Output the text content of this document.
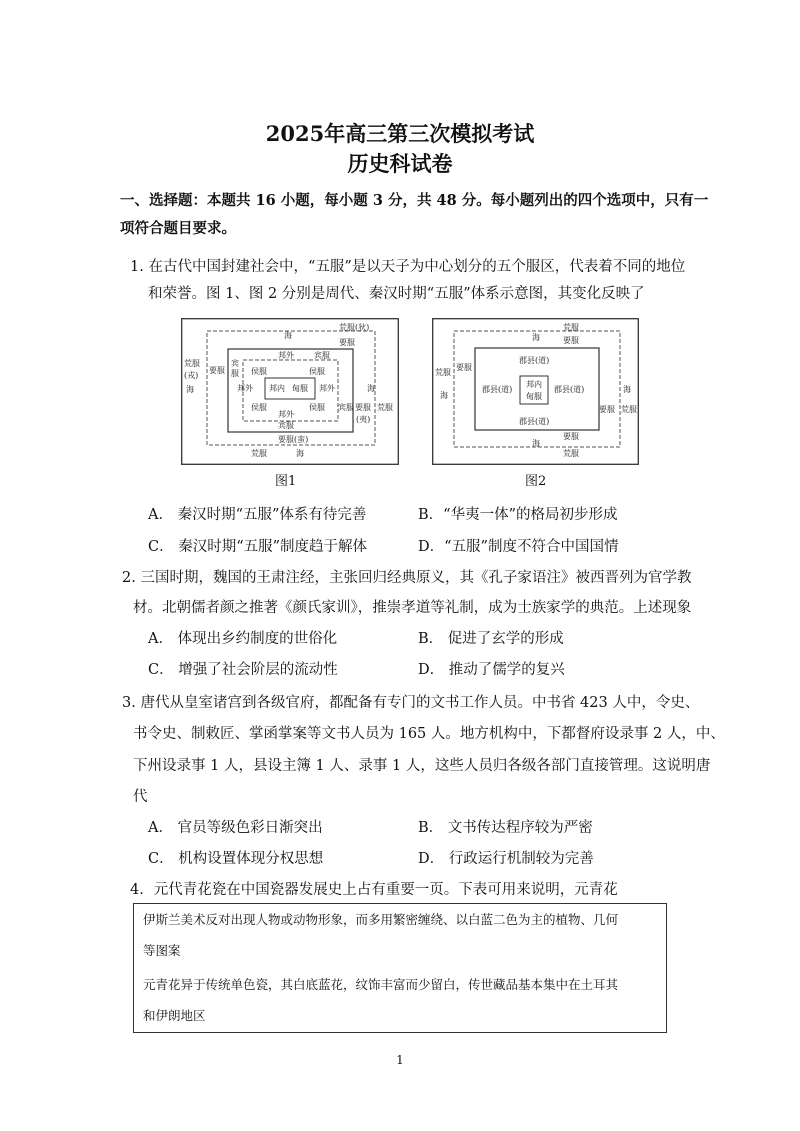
2025年高三第三次模拟考试
历史科试卷
一、选择题：本题共 16 小题，每小题 3 分，共 48 分。每小题列出的四个选项中，只有一
项符合题目要求。
1. 在古代中国封建社会中，“五服”是以天子为中心划分的五个服区，代表着不同的地位
和荣誉。图 1、图 2 分别是周代、秦汉时期“五服”体系示意图，其变化反映了
荒服(狄)
海
要服
荒服
(戎)
海
要服
宾
服
邦外	宾服
侯服
邦外
侯服
邦内 甸服 邦外
侯服	侯服
邦外
宾服
宾服
海
要服 荒服
(夷)
要服(蛮)
荒服	海
图1
荒服
海	要服
荒服
海
要服
郡县(道)
郡县(道)
邦内
甸服
郡县(道)
郡县(道)
海
要服 荒服
海
要服
荒服
图2
A． 秦汉时期“五服”体系有待完善	B．“华夷一体”的格局初步形成
C． 秦汉时期“五服”制度趋于解体	D．“五服”制度不符合中国国情
2. 三国时期，魏国的王肃注经，主张回归经典原义，其《孔子家语注》被西晋列为官学教
材。北朝儒者颜之推著《颜氏家训》，推崇孝道等礼制，成为士族家学的典范。上述现象
A． 体现出乡约制度的世俗化	B． 促进了玄学的形成
C． 增强了社会阶层的流动性	D． 推动了儒学的复兴
3. 唐代从皇室诸宫到各级官府，都配备有专门的文书工作人员。中书省 423 人中，令史、
书令史、制敕匠、掌函掌案等文书人员为 165 人。地方机构中，下都督府设录事 2 人，中、
下州设录事 1 人，县设主簿 1 人、录事 1 人，这些人员归各级各部门直接管理。这说明唐
代
A． 官员等级色彩日渐突出	B． 文书传达程序较为严密
C． 机构设置体现分权思想	D． 行政运行机制较为完善
4．元代青花瓷在中国瓷器发展史上占有重要一页。下表可用来说明，元青花
伊斯兰美术反对出现人物或动物形象，而多用繁密缠绕、以白蓝二色为主的植物、几何
等图案
元青花异于传统单色瓷，其白底蓝花，纹饰丰富而少留白，传世藏品基本集中在土耳其
和伊朗地区
1
